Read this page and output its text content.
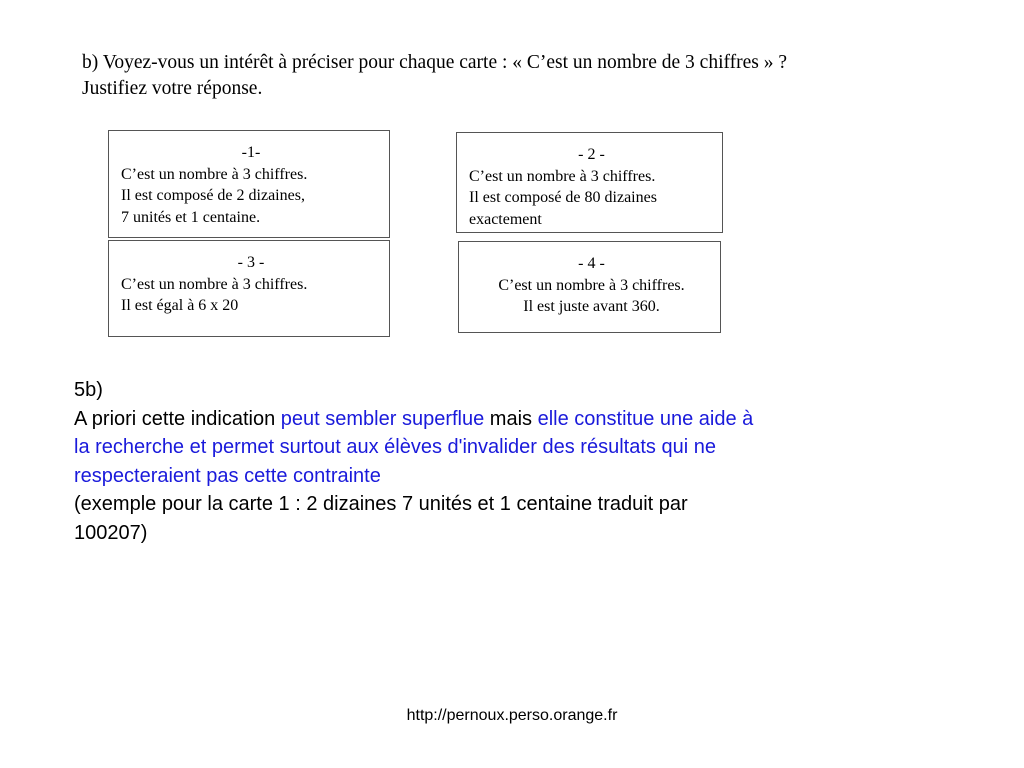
b) Voyez-vous un intérêt à préciser pour chaque carte : « C’est un nombre de 3 chiffres » ?
Justifiez votre réponse.

-1-
C’est un nombre à 3 chiffres.
Il est composé de 2 dizaines,
7 unités et 1 centaine.
- 2 -
C’est un nombre à 3 chiffres.
Il est composé de 80 dizaines
exactement
- 3 -
C’est un nombre à 3 chiffres.
Il est égal à 6 x 20
- 4 -
C’est un nombre à 3 chiffres.
Il est juste avant 360.
5b)
A priori cette indication peut sembler superflue mais elle constitue une aide à
la recherche et permet surtout aux élèves d'invalider des résultats qui ne
respecteraient pas cette contrainte
(exemple pour la carte 1 : 2 dizaines 7 unités et 1 centaine traduit par
100207)
http://pernoux.perso.orange.fr
